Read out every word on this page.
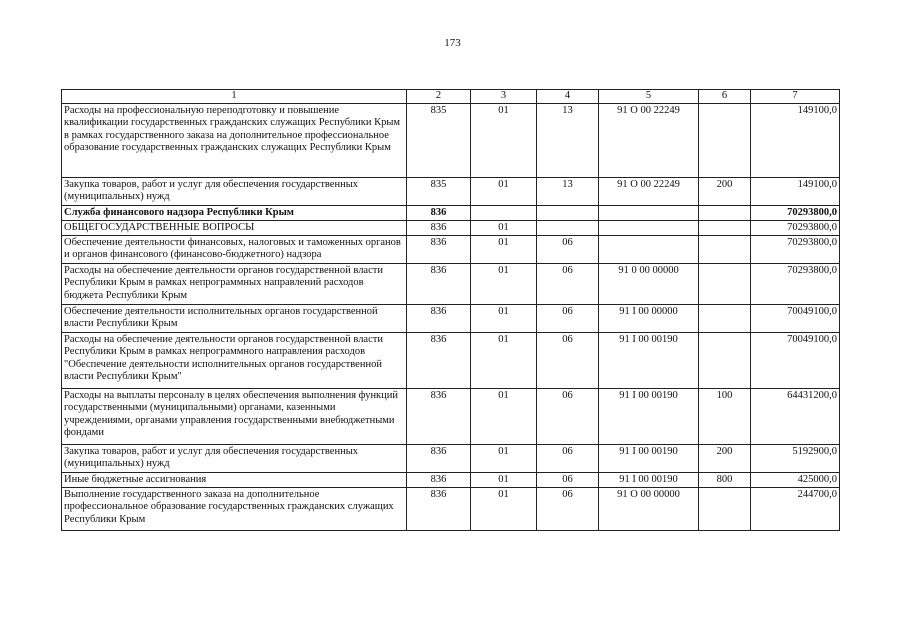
173
1	2	3	4	5	6	7
Расходы на профессиональную переподготовку и повышение квалификации государственных гражданских служащих Республики Крым в рамках государственного заказа на дополнительное профессиональное образование государственных гражданских служащих Республики Крым	835	01	13	91 О 00 22249		149100,0
Закупка товаров, работ и услуг для обеспечения государственных (муниципальных) нужд	835	01	13	91 О 00 22249	200	149100,0
Служба финансового надзора Республики Крым	836					70293800,0
ОБЩЕГОСУДАРСТВЕННЫЕ ВОПРОСЫ	836	01				70293800,0
Обеспечение деятельности финансовых, налоговых и таможенных органов и органов финансового (финансово-бюджетного) надзора	836	01	06			70293800,0
Расходы на обеспечение деятельности органов государственной власти Республики Крым в рамках непрограммных направлений расходов бюджета Республики Крым	836	01	06	91 0 00 00000		70293800,0
Обеспечение деятельности исполнительных органов государственной власти Республики Крым	836	01	06	91 I 00 00000		70049100,0
Расходы на обеспечение деятельности органов государственной власти Республики Крым в рамках непрограммного направления расходов "Обеспечение деятельности исполнительных органов государственной власти Республики Крым"	836	01	06	91 I 00 00190		70049100,0
Расходы на выплаты персоналу в целях обеспечения выполнения функций государственными (муниципальными) органами, казенными учреждениями, органами управления государственными внебюджетными фондами	836	01	06	91 I 00 00190	100	64431200,0
Закупка товаров, работ и услуг для обеспечения государственных (муниципальных) нужд	836	01	06	91 I 00 00190	200	5192900,0
Иные бюджетные ассигнования	836	01	06	91 I 00 00190	800	425000,0
Выполнение государственного заказа на дополнительное профессиональное образование государственных гражданских служащих Республики Крым	836	01	06	91 О 00 00000		244700,0
